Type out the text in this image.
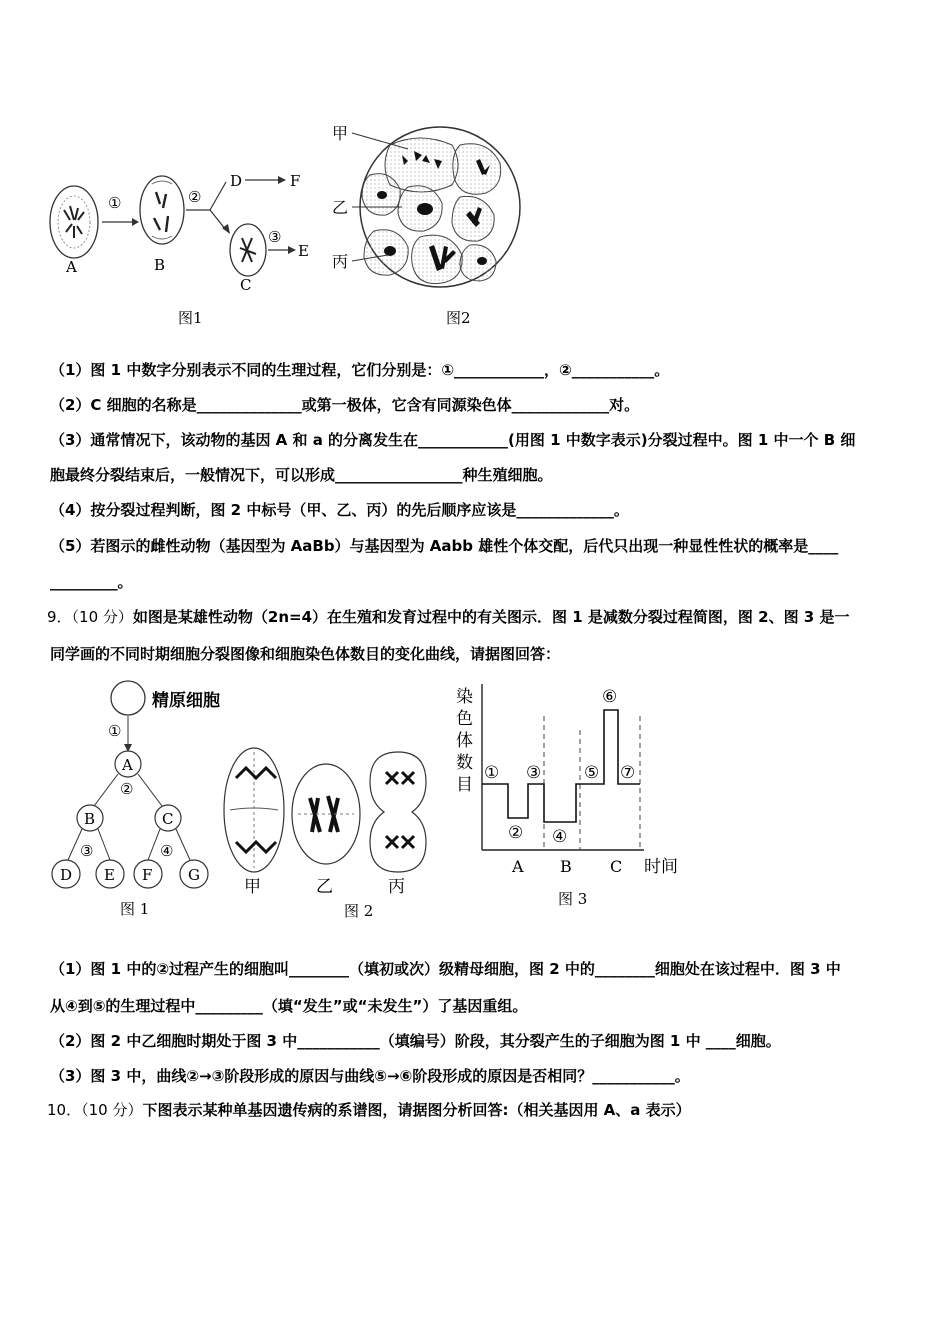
A
①
B
②
D	F
C
③
E
图1
甲
乙
丙
图2
（1）图 1 中数字分别表示不同的生理过程，它们分别是：①____________，②___________。
（2）C 细胞的名称是______________或第一极体，它含有同源染色体_____________对。
（3）通常情况下，该动物的基因 A 和 a 的分离发生在____________(用图 1 中数字表示)分裂过程中。图 1 中一个 B 细
胞最终分裂结束后，一般情况下，可以形成_________________种生殖细胞。
（4）按分裂过程判断，图 2 中标号（甲、乙、丙）的先后顺序应该是_____________。
（5）若图示的雌性动物（基因型为 AaBb）与基因型为 Aabb 雄性个体交配，后代只出现一种显性性状的概率是____
_________。
9．（10 分）如图是某雄性动物（2n=4）在生殖和发育过程中的有关图示．图 1 是减数分裂过程简图，图 2、图 3 是一
同学画的不同时期细胞分裂图像和细胞染色体数目的变化曲线，请据图回答：
精原细胞
①
A
②
B	C
③	④
D E F G
图 1
甲	乙	丙
图 2
染
色
体
数
目
①
②
③
④
⑤
⑥
⑦
A B C 时间
图 3
（1）图 1 中的②过程产生的细胞叫________（填初或次）级精母细胞，图 2 中的________细胞处在该过程中．图 3 中
从④到⑤的生理过程中_________（填“发生”或“未发生”）了基因重组。
（2）图 2 中乙细胞时期处于图 3 中___________（填编号）阶段，其分裂产生的子细胞为图 1 中 ____细胞。
（3）图 3 中，曲线②→③阶段形成的原因与曲线⑤→⑥阶段形成的原因是否相同？___________。
10．（10 分）下图表示某种单基因遗传病的系谱图，请据图分析回答:（相关基因用 A、a 表示）
